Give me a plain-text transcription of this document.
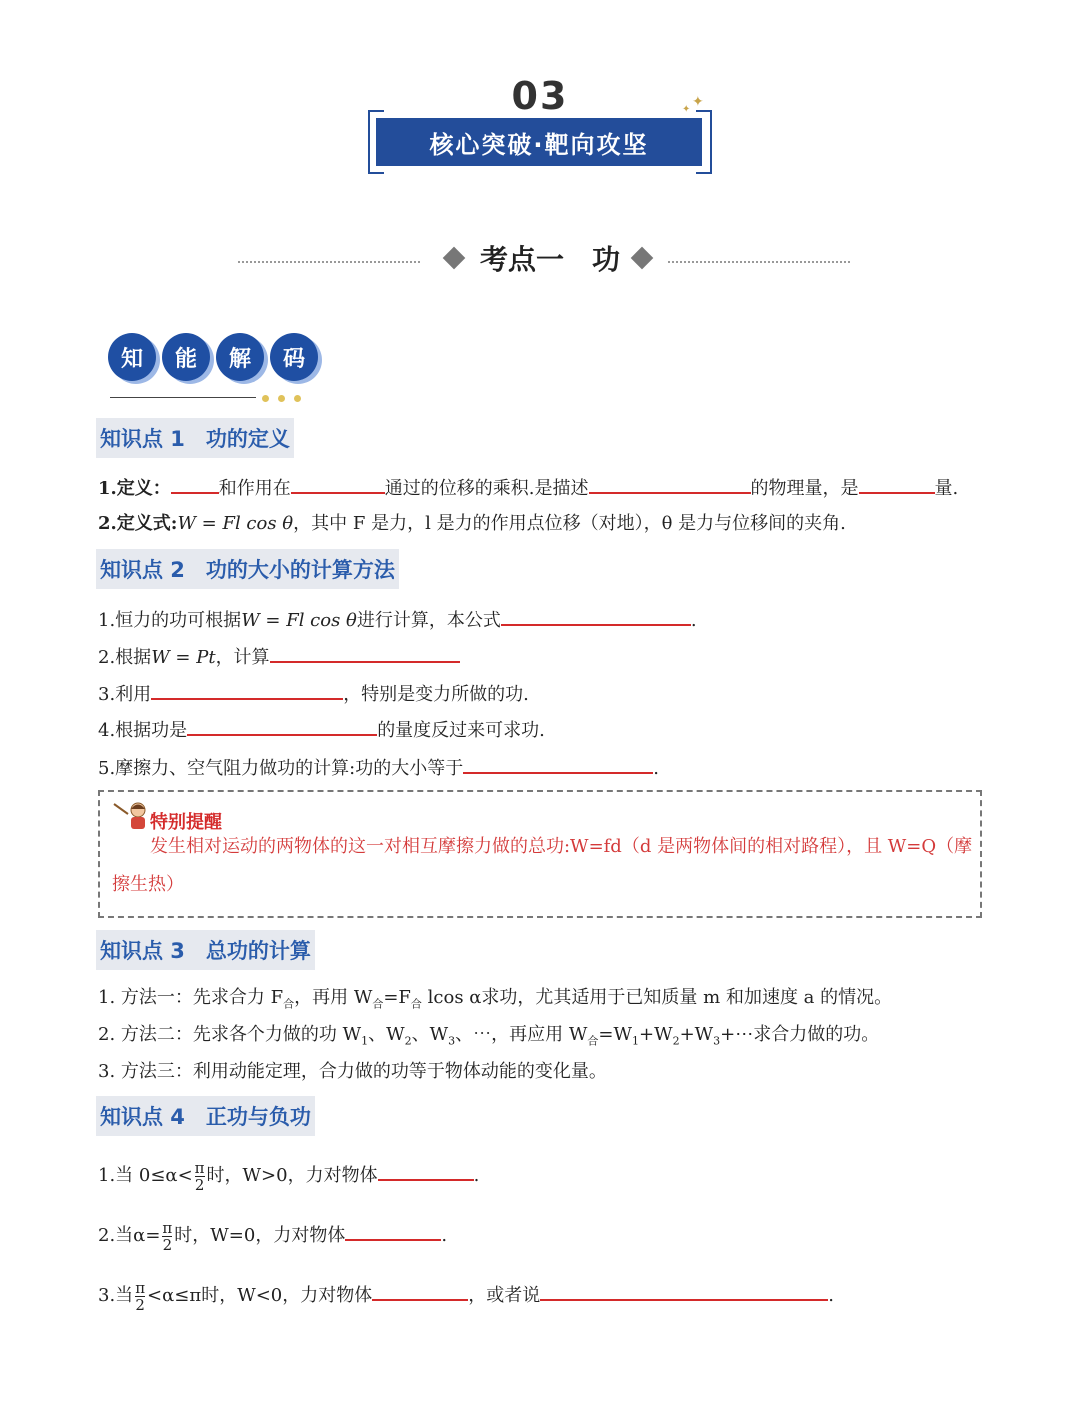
03
核心突破·靶向攻坚
✦
✦
考点一　功
知	能	解	码
知识点 1　功的定义
1.定义：	和作用在	通过的位移的乘积.是描述	的物理量，是	量.
2.定义式:W = Fl cos θ，其中 F 是力，l 是力的作用点位移（对地），θ 是力与位移间的夹角.
知识点 2　功的大小的计算方法
1.恒力的功可根据W = Fl cos θ进行计算，本公式	.
2.根据W = Pt，计算
3.利用	，特别是变力所做的功.
4.根据功是	的量度反过来可求功.
5.摩擦力、空气阻力做功的计算:功的大小等于	.
特别提醒
发生相对运动的两物体的这一对相互摩擦力做的总功:W=fd（d 是两物体间的相对路程），且 W=Q（摩
擦生热）
知识点 3　总功的计算
1. 方法一：先求合力 $F_合$，再用 $W_合=F_合$ lcos α求功，尤其适用于已知质量 m 和加速度 a 的情况。
2. 方法二：先求各个力做的功 $W_1$、$W_2$、$W_3$、⋯，再应用 $W_合=W_1+W_2+W_3+\cdots$求合力做的功。
3. 方法三：利用动能定理，合力做的功等于物体动能的变化量。
知识点 4　正功与负功
1.当 $0\le\alpha< \frac{\pi}{2}$ 时，W>0，力对物体	.
2.当$\alpha= \frac{\pi}{2}$ 时，W=0，力对物体	.
3.当 $\frac{\pi}{2} <\alpha\le\pi$时，W<0，力对物体	，或者说	.
